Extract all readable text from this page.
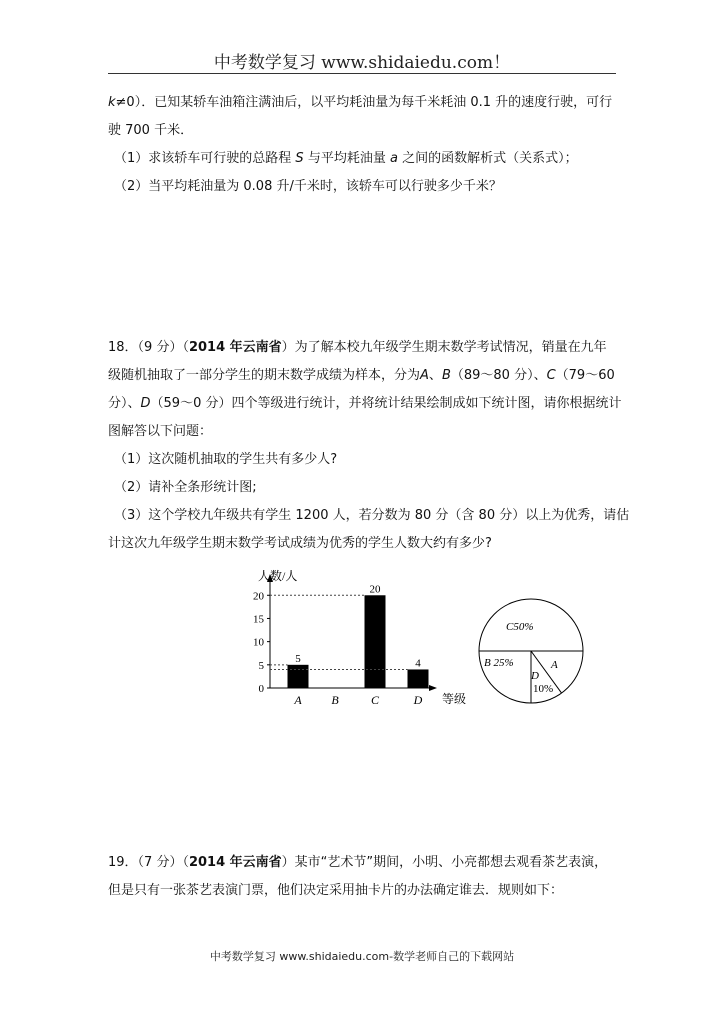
中考数学复习 www.shidaiedu.com！
k≠0）．已知某轿车油箱注满油后，以平均耗油量为每千米耗油 0.1 升的速度行驶，可行
驶 700 千米．
（1）求该轿车可行驶的总路程 S 与平均耗油量 a 之间的函数解析式（关系式）；
（2）当平均耗油量为 0.08 升/千米时，该轿车可以行驶多少千米？
18．（9 分）（2014 年云南省）为了解本校九年级学生期末数学考试情况，销量在九年
级随机抽取了一部分学生的期末数学成绩为样本，分为A、B（89～80 分）、C（79～60
分）、D（59～0 分）四个等级进行统计，并将统计结果绘制成如下统计图，请你根据统计
图解答以下问题：
（1）这次随机抽取的学生共有多少人?
（2）请补全条形统计图;
（3）这个学校九年级共有学生 1200 人，若分数为 80 分（含 80 分）以上为优秀，请估
计这次九年级学生期末数学考试成绩为优秀的学生人数大约有多少?
人数/人
等级
0
5
10
15
20
A
5
B	C
20
D
4
C50%
B 25%	A
D
10%
19．（7 分）（2014 年云南省）某市“艺术节”期间，小明、小亮都想去观看茶艺表演，
但是只有一张茶艺表演门票，他们决定采用抽卡片的办法确定谁去．规则如下：
中考数学复习 www.shidaiedu.com-数学老师自己的下载网站
